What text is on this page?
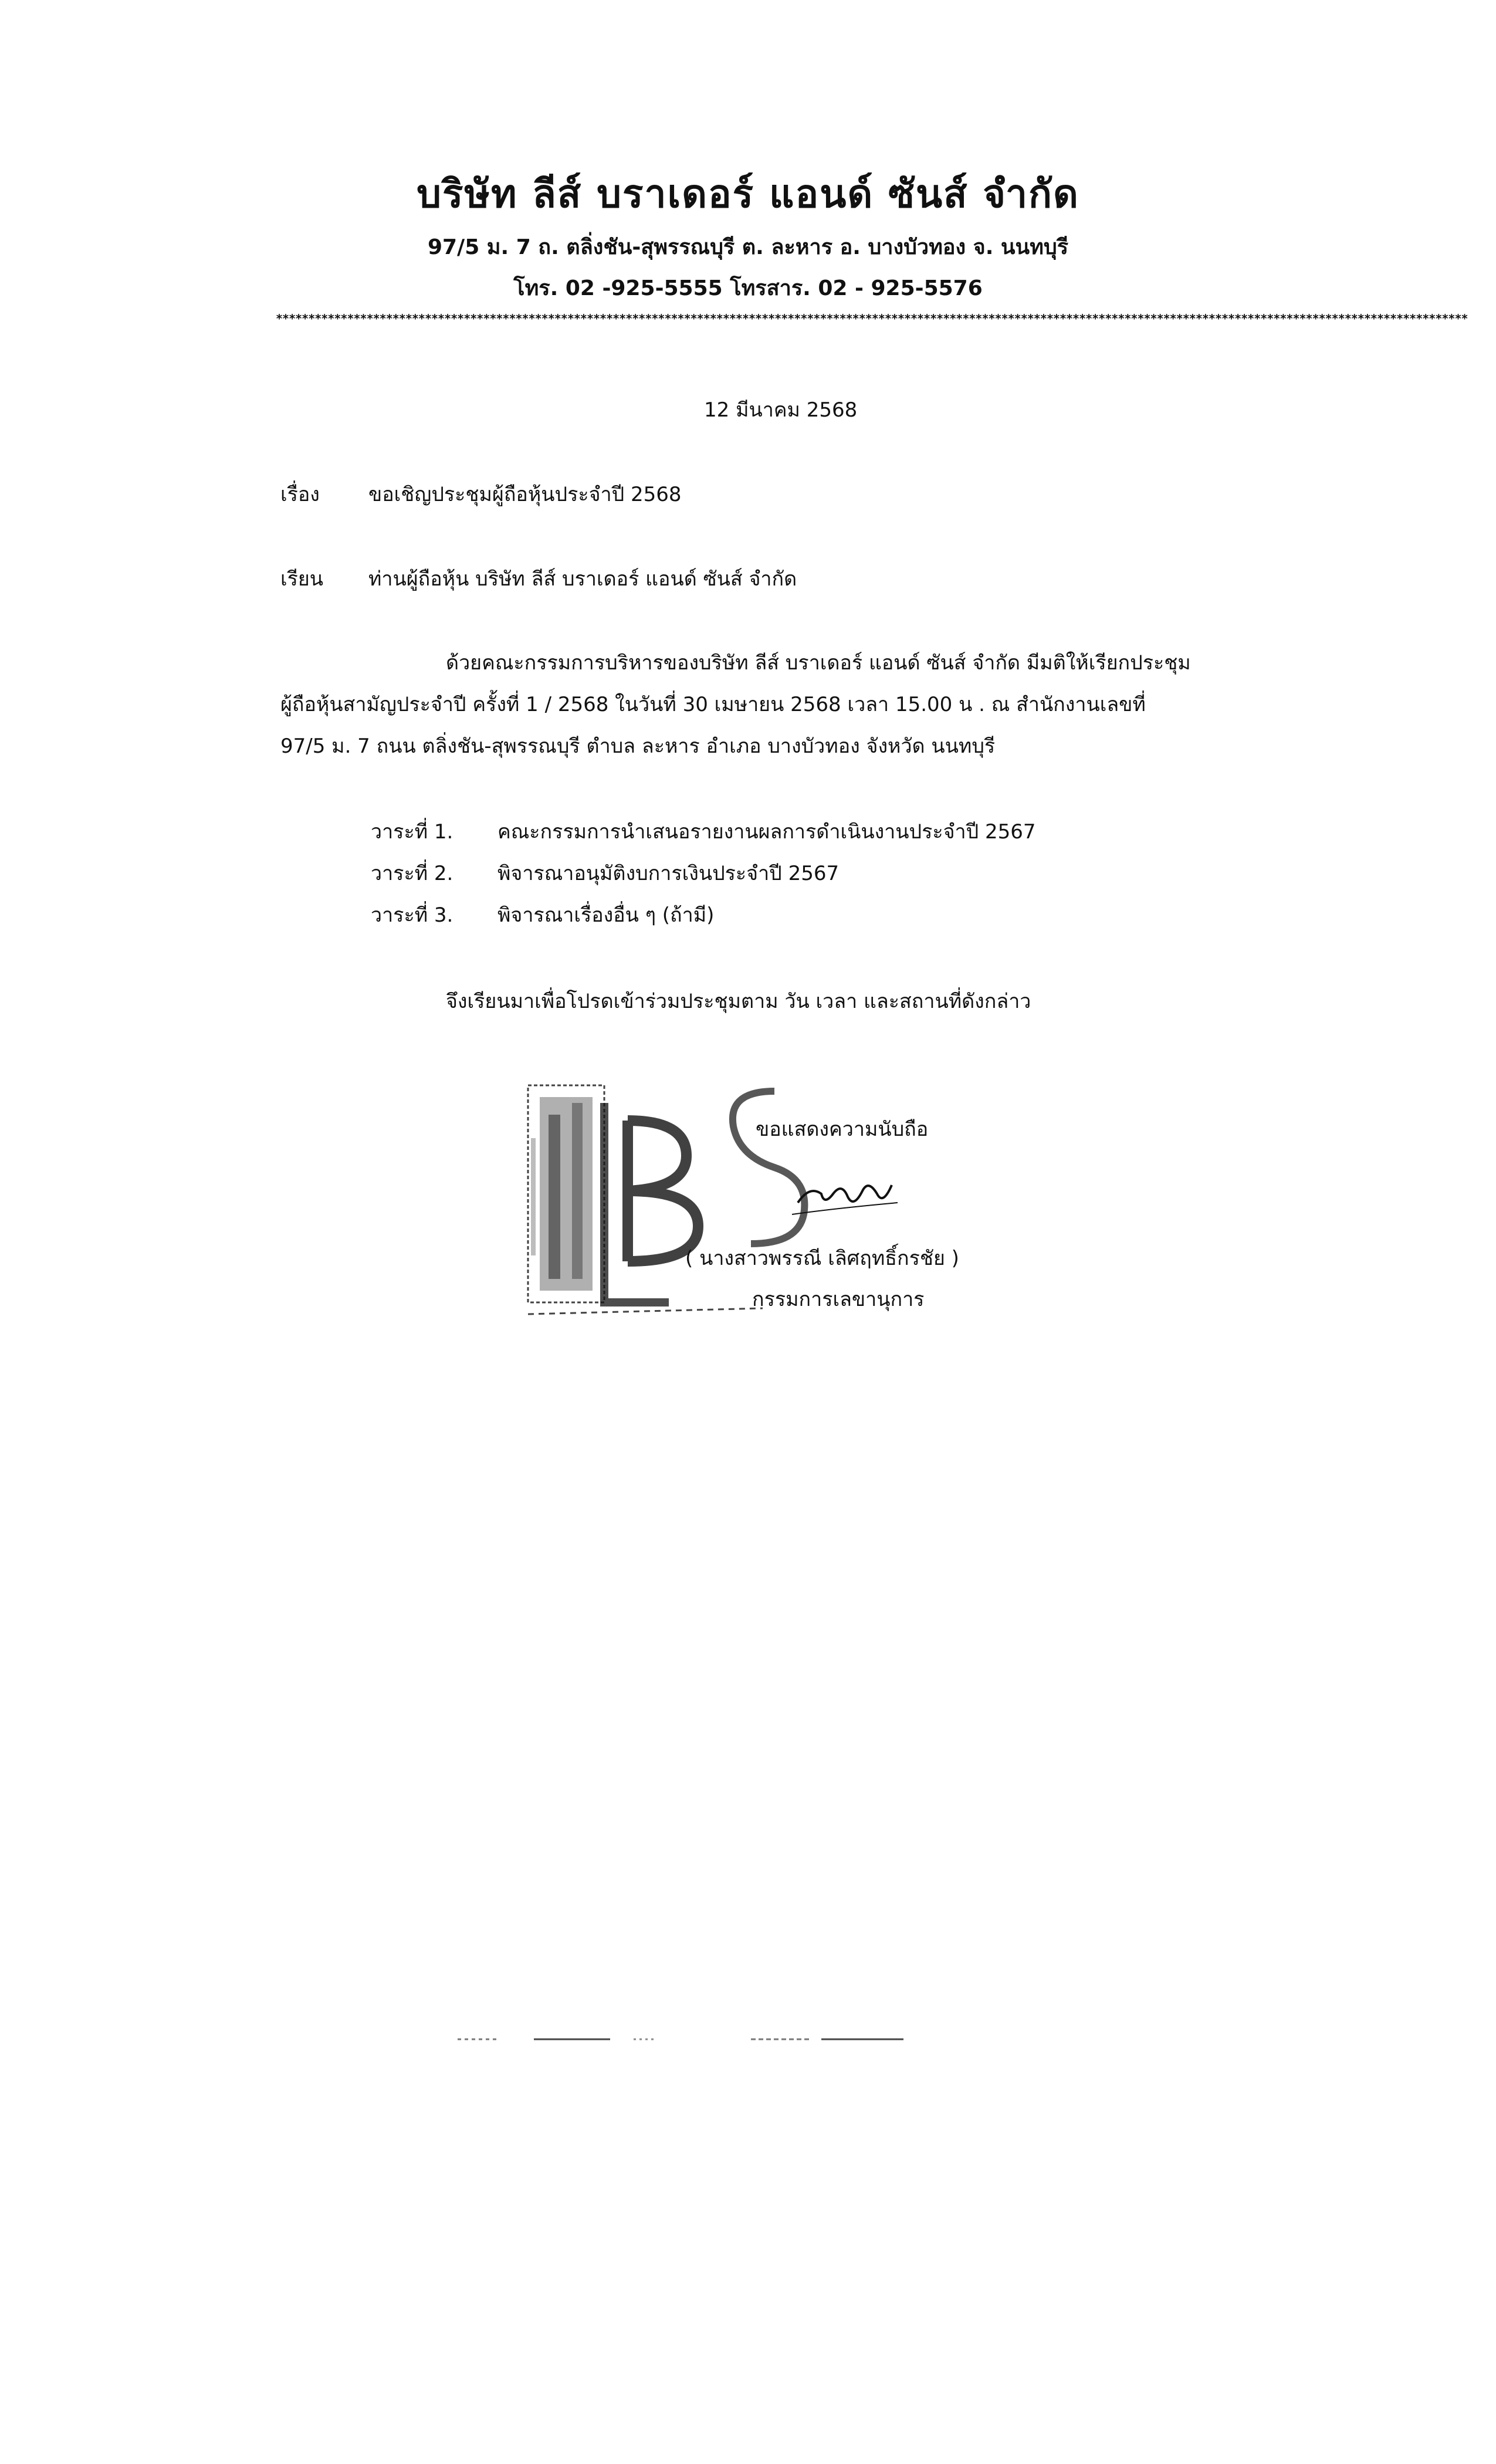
บริษัท ลีส์ บราเดอร์ แอนด์ ซันส์ จำกัด
97/5 ม. 7 ถ. ตลิ่งชัน-สุพรรณบุรี ต. ละหาร อ. บางบัวทอง จ. นนทบุรี
โทร. 02 -925-5555 โทรสาร. 02 - 925-5576
****************************************************************************************************************************************************************************************
12 มีนาคม 2568
เรื่อง ขอเชิญประชุมผู้ถือหุ้นประจำปี 2568
เรียน ท่านผู้ถือหุ้น บริษัท ลีส์ บราเดอร์ แอนด์ ซันส์ จำกัด
ด้วยคณะกรรมการบริหารของบริษัท ลีส์ บราเดอร์ แอนด์ ซันส์ จำกัด มีมติให้เรียกประชุม
ผู้ถือหุ้นสามัญประจำปี ครั้งที่ 1 / 2568 ในวันที่ 30 เมษายน 2568 เวลา 15.00 น . ณ สำนักงานเลขที่
97/5 ม. 7 ถนน ตลิ่งชัน-สุพรรณบุรี ตำบล ละหาร อำเภอ บางบัวทอง จังหวัด นนทบุรี
วาระที่ 1. คณะกรรมการนำเสนอรายงานผลการดำเนินงานประจำปี 2567
วาระที่ 2. พิจารณาอนุมัติงบการเงินประจำปี 2567
วาระที่ 3. พิจารณาเรื่องอื่น ๆ (ถ้ามี)
จึงเรียนมาเพื่อโปรดเข้าร่วมประชุมตาม วัน เวลา และสถานที่ดังกล่าว
ขอแสดงความนับถือ
( นางสาวพรรณี เลิศฤทธิ์กรชัย )
กรรมการเลขานุการ
